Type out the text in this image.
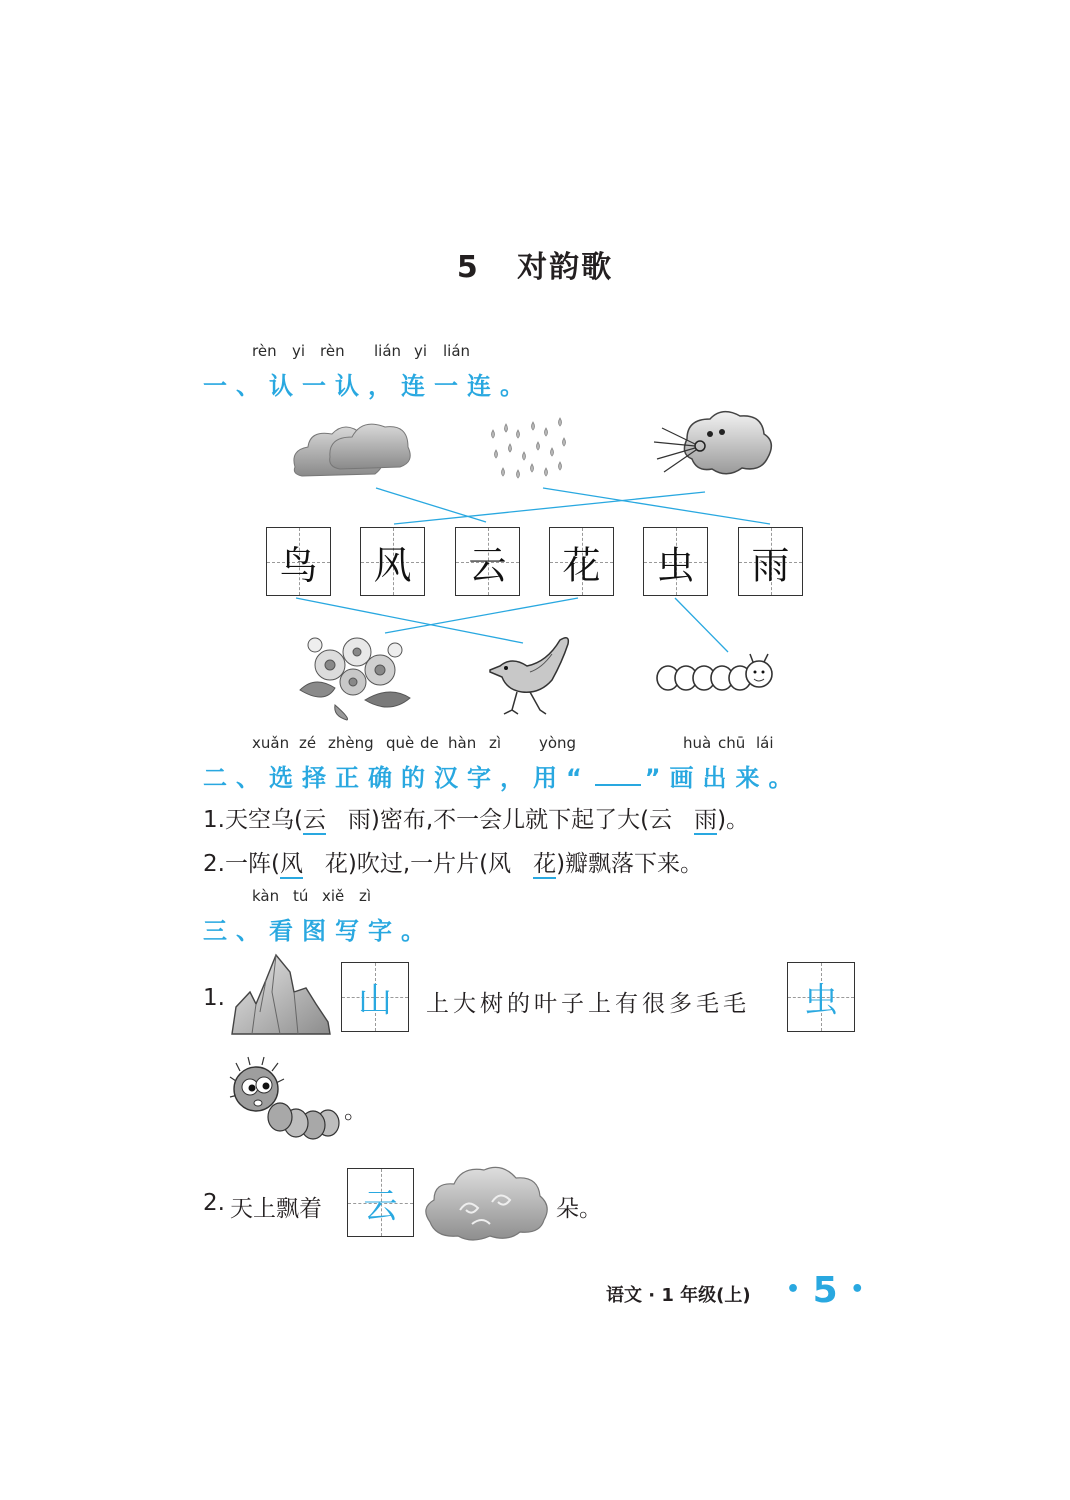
5 对韵歌
rèn yi rèn lián yi lián
一、认一认，连一连。
鸟	风	云	花	虫	雨
xuǎn zé zhèng què de hàn zì	yòng	huà chū lái
二、选择正确的汉字，用“ ”画出来。
1.天空乌(云 雨)密布,不一会儿就下起了大(云 雨)。
2.一阵(风 花)吹过,一片片(风 花)瓣飘落下来。
kàn tú xiě zì
三、看图写字。
1.	山	上大树的叶子上有很多毛毛	虫
。
2. 天上飘着	云	朵。
语文 · 1 年级(上) • 5 •
